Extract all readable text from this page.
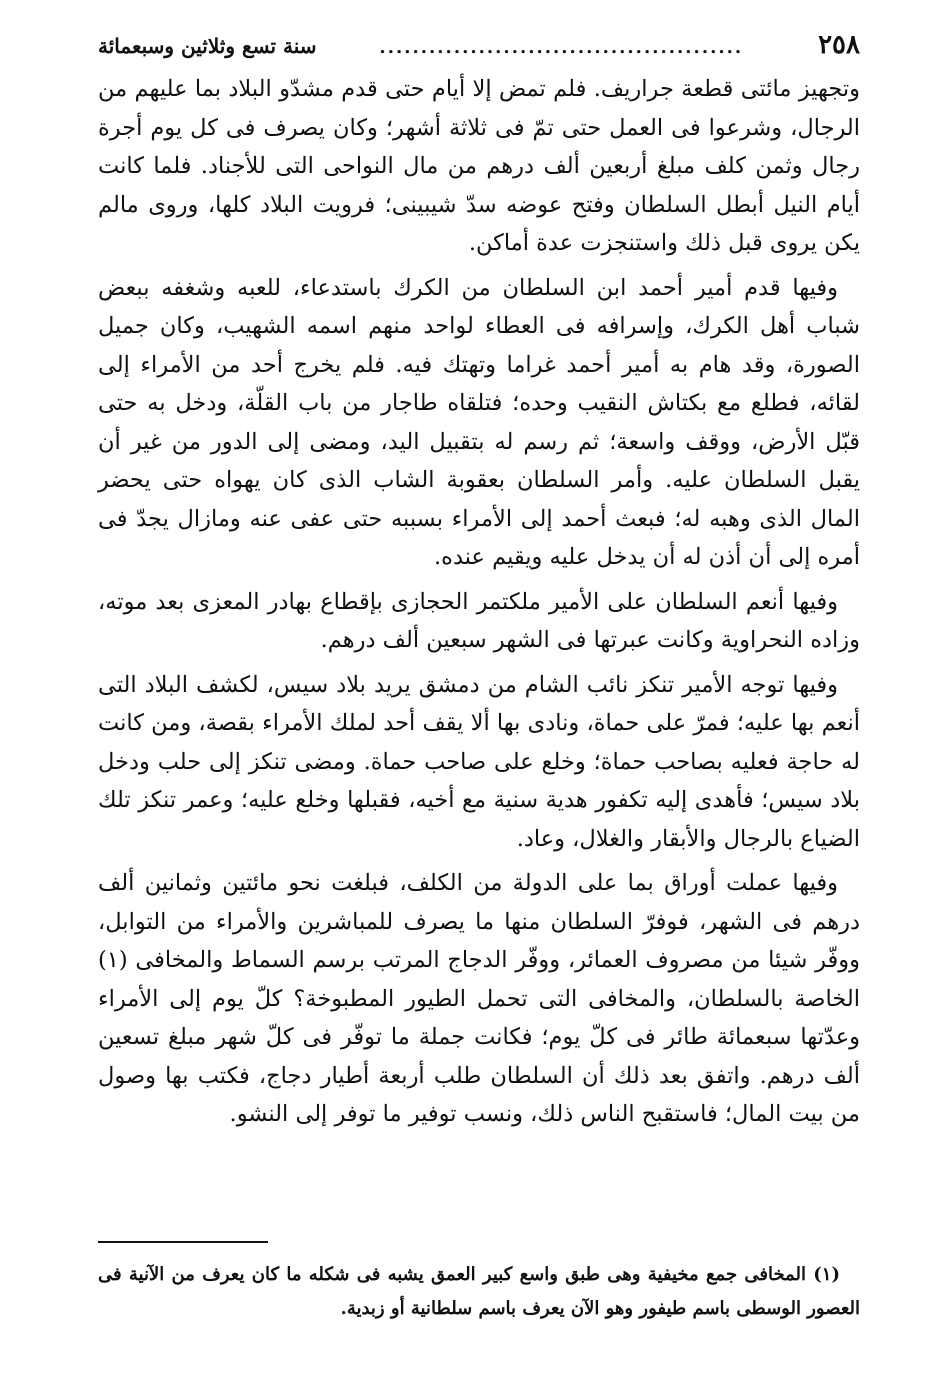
٢٥٨
............................................
سنة تسع وثلاثين وسبعمائة

وتجهيز مائتى قطعة جراريف. فلم تمض إلا أيام حتى قدم مشدّو البلاد بما عليهم من الرجال، وشرعوا فى العمل حتى تمّ فى ثلاثة أشهر؛ وكان يصرف فى كل يوم أجرة رجال وثمن كلف مبلغ أربعين ألف درهم من مال النواحى التى للأجناد. فلما كانت أيام النيل أبطل السلطان وفتح عوضه سدّ شيبينى؛ فرويت البلاد كلها، وروى مالم يكن يروى قبل ذلك واستنجزت عدة أماكن.

وفيها قدم أمير أحمد ابن السلطان من الكرك باستدعاء، للعبه وشغفه ببعض شباب أهل الكرك، وإسرافه فى العطاء لواحد منهم اسمه الشهيب، وكان جميل الصورة، وقد هام به أمير أحمد غراما وتهتك فيه. فلم يخرج أحد من الأمراء إلى لقائه، فطلع مع بكتاش النقيب وحده؛ فتلقاه طاجار من باب القلّة، ودخل به حتى قبّل الأرض، ووقف واسعة؛ ثم رسم له بتقبيل اليد، ومضى إلى الدور من غير أن يقبل السلطان عليه. وأمر السلطان بعقوبة الشاب الذى كان يهواه حتى يحضر المال الذى وهبه له؛ فبعث أحمد إلى الأمراء بسببه حتى عفى عنه ومازال يجدّ فى أمره إلى أن أذن له أن يدخل عليه ويقيم عنده.

وفيها أنعم السلطان على الأمير ملكتمر الحجازى بإقطاع بهادر المعزى بعد موته، وزاده النحراوية وكانت عبرتها فى الشهر سبعين ألف درهم.

وفيها توجه الأمير تنكز نائب الشام من دمشق يريد بلاد سيس، لكشف البلاد التى أنعم بها عليه؛ فمرّ على حماة، ونادى بها ألا يقف أحد لملك الأمراء بقصة، ومن كانت له حاجة فعليه بصاحب حماة؛ وخلع على صاحب حماة. ومضى تنكز إلى حلب ودخل بلاد سيس؛ فأهدى إليه تكفور هدية سنية مع أخيه، فقبلها وخلع عليه؛ وعمر تنكز تلك الضياع بالرجال والأبقار والغلال، وعاد.

وفيها عملت أوراق بما على الدولة من الكلف، فبلغت نحو مائتين وثمانين ألف درهم فى الشهر، فوفرّ السلطان منها ما يصرف للمباشرين والأمراء من التوابل، ووفّر شيئا من مصروف العمائر، ووفّر الدجاج المرتب برسم السماط والمخافى (١) الخاصة بالسلطان، والمخافى التى تحمل الطيور المطبوخة؟ كلّ يوم إلى الأمراء وعدّتها سبعمائة طائر فى كلّ يوم؛ فكانت جملة ما توفّر فى كلّ شهر مبلغ تسعين ألف درهم. واتفق بعد ذلك أن السلطان طلب أربعة أطيار دجاج، فكتب بها وصول من بيت المال؛ فاستقبح الناس ذلك، ونسب توفير ما توفر إلى النشو.

(١) المخافى جمع مخيفية وهى طبق واسع كبير العمق يشبه فى شكله ما كان يعرف من الآنية فى العصور الوسطى باسم طيفور وهو الآن يعرف باسم سلطانية أو زبدية.
